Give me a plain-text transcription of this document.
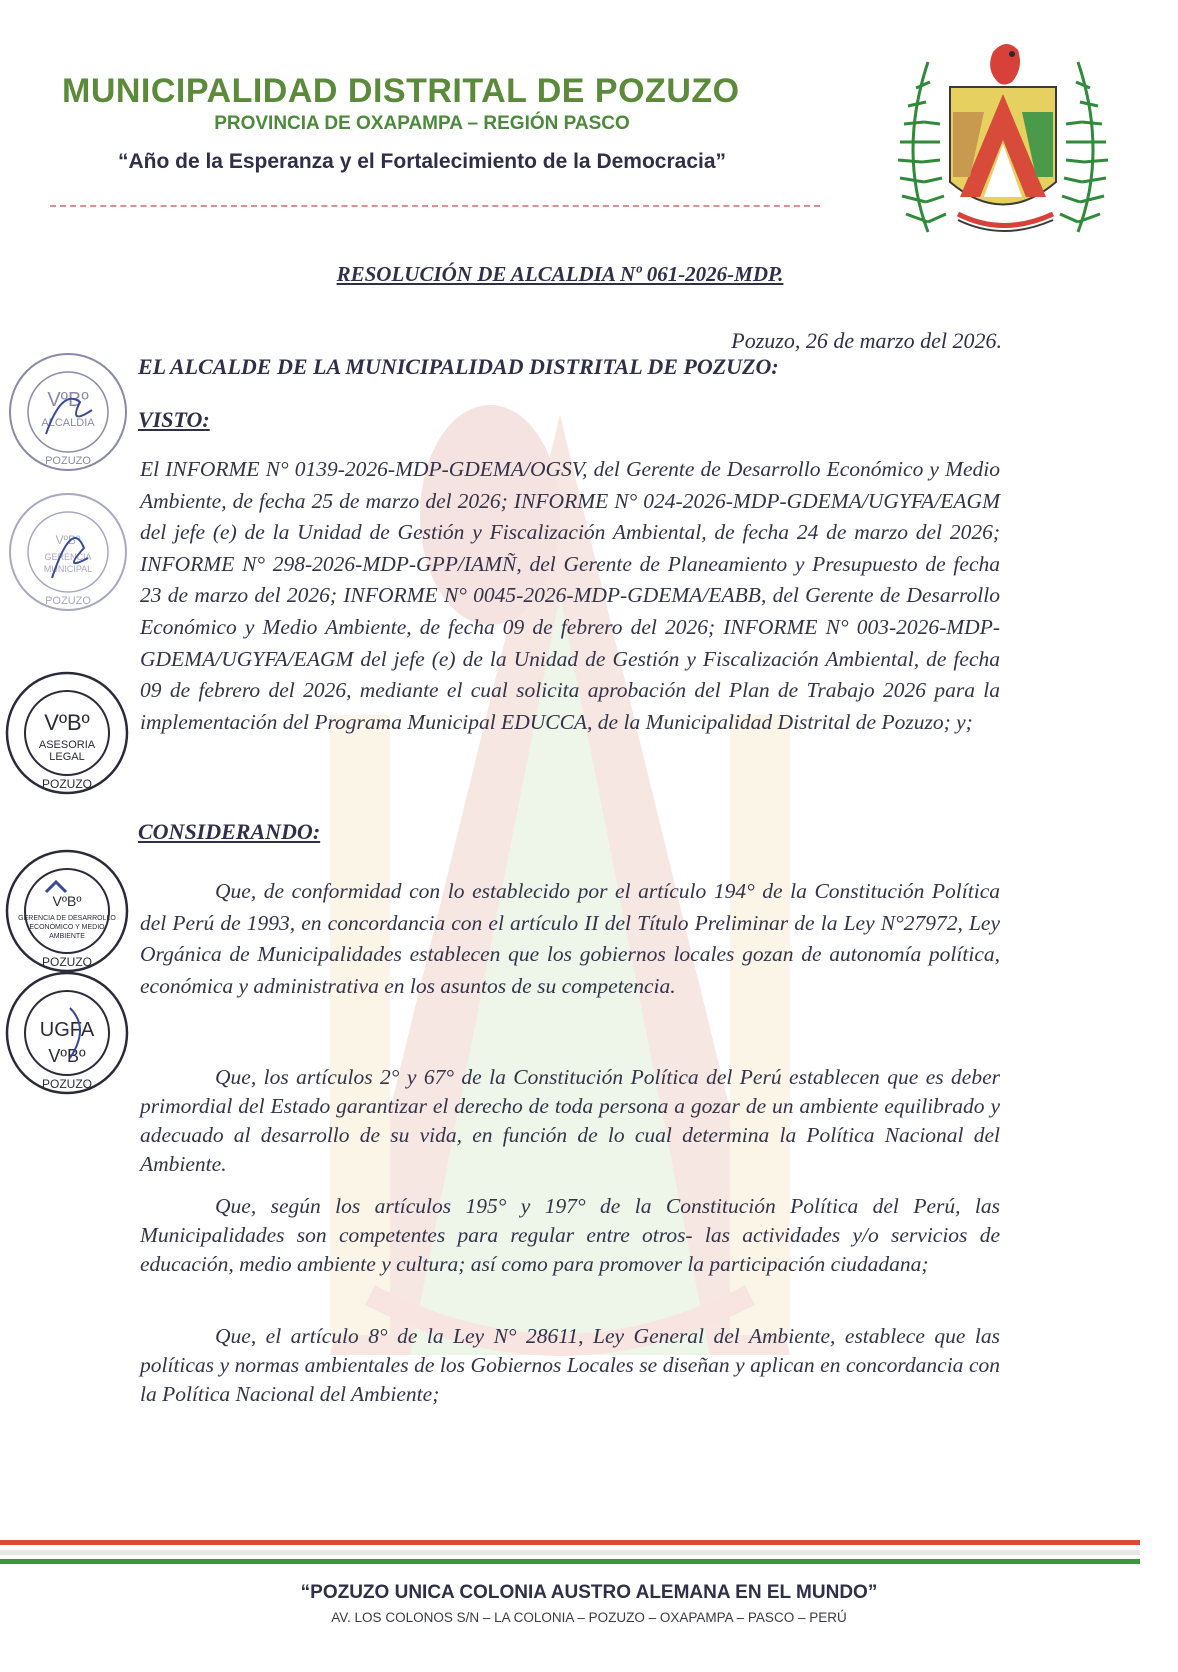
MUNICIPALIDAD DISTRITAL DE POZUZO
PROVINCIA DE OXAPAMPA – REGIÓN PASCO
“Año de la Esperanza y el Fortalecimiento de la Democracia”
RESOLUCIÓN DE ALCALDIA Nº 061-2026-MDP.
Pozuzo, 26 de marzo del 2026.
EL ALCALDE DE LA MUNICIPALIDAD DISTRITAL DE POZUZO:
VISTO:
El INFORME N° 0139-2026-MDP-GDEMA/OGSV, del Gerente de Desarrollo Económico y Medio Ambiente, de fecha 25 de marzo del 2026; INFORME N° 024-2026-MDP-GDEMA/UGYFA/EAGM del jefe (e) de la Unidad de Gestión y Fiscalización Ambiental, de fecha 24 de marzo del 2026; INFORME N° 298-2026-MDP-GPP/IAMÑ, del Gerente de Planeamiento y Presupuesto de fecha 23 de marzo del 2026; INFORME N° 0045-2026-MDP-GDEMA/EABB, del Gerente de Desarrollo Económico y Medio Ambiente, de fecha 09 de febrero del 2026; INFORME N° 003-2026-MDP-GDEMA/UGYFA/EAGM del jefe (e) de la Unidad de Gestión y Fiscalización Ambiental, de fecha 09 de febrero del 2026, mediante el cual solicita aprobación del Plan de Trabajo 2026 para la implementación del Programa Municipal EDUCCA, de la Municipalidad Distrital de Pozuzo; y;
CONSIDERANDO:
Que, de conformidad con lo establecido por el artículo 194° de la Constitución Política del Perú de 1993, en concordancia con el artículo II del Título Preliminar de la Ley N°27972, Ley Orgánica de Municipalidades establecen que los gobiernos locales gozan de autonomía política, económica y administrativa en los asuntos de su competencia.
Que, los artículos 2° y 67° de la Constitución Política del Perú establecen que es deber primordial del Estado garantizar el derecho de toda persona a gozar de un ambiente equilibrado y adecuado al desarrollo de su vida, en función de lo cual determina la Política Nacional del Ambiente.
Que, según los artículos 195° y 197° de la Constitución Política del Perú, las Municipalidades son competentes para regular entre otros- las actividades y/o servicios de educación, medio ambiente y cultura; así como para promover la participación ciudadana;
Que, el artículo 8° de la Ley N° 28611, Ley General del Ambiente, establece que las políticas y normas ambientales de los Gobiernos Locales se diseñan y aplican en concordancia con la Política Nacional del Ambiente;
VºBº
ALCALDIA
POZUZO
VºBº
GERENCIA
MUNICIPAL
POZUZO
VºBº
ASESORIA
LEGAL
POZUZO
VºBº
GERENCIA DE DESARROLLO
ECONÓMICO Y MEDIO
AMBIENTE
POZUZO
UGFA
VºBº
POZUZO
“POZUZO UNICA COLONIA AUSTRO ALEMANA EN EL MUNDO”
AV. LOS COLONOS S/N – LA COLONIA – POZUZO – OXAPAMPA – PASCO – PERÚ
